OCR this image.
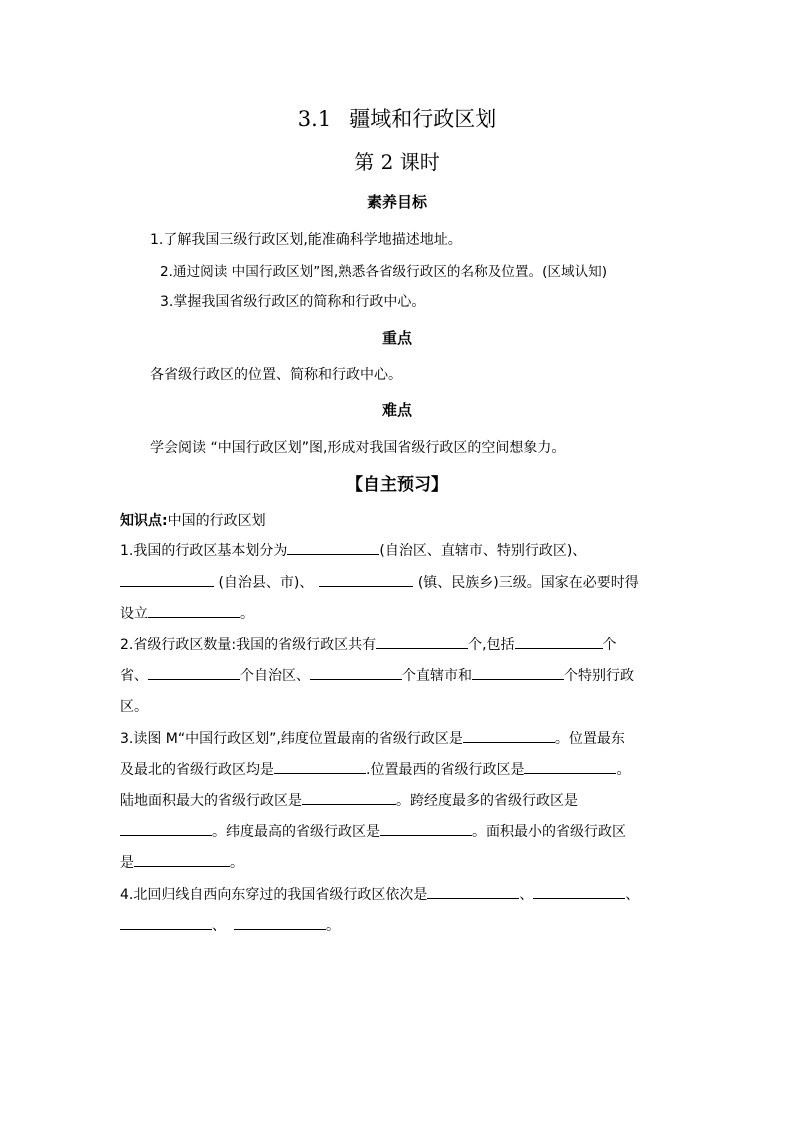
3.1 疆域和行政区划
第 2 课时
素养目标
1.了解我国三级行政区划,能准确科学地描述地址。
2.通过阅读 中国行政区划”图,熟悉各省级行政区的名称及位置。(区域认知)
3.掌握我国省级行政区的简称和行政中心。
重点
各省级行政区的位置、简称和行政中心。
难点
学会阅读 “中国行政区划”图,形成对我国省级行政区的空间想象力。
【自主预习】
知识点:中国的行政区划
1.我国的行政区基本划分为	(自治区、直辖市、特别行政区)、
(自治县、市)、	(镇、民族乡)三级。国家在必要时得
设立	。
2.省级行政区数量:我国的省级行政区共有	个,包括	个
省、	个自治区、	个直辖市和	个特别行政
区。
3.读图 M“中国行政区划”,纬度位置最南的省级行政区是	。位置最东
及最北的省级行政区均是	.位置最西的省级行政区是	。
陆地面积最大的省级行政区是	。跨经度最多的省级行政区是
。纬度最高的省级行政区是	。面积最小的省级行政区
是	。
4.北回归线自西向东穿过的我国省级行政区依次是	、	、
、	。
